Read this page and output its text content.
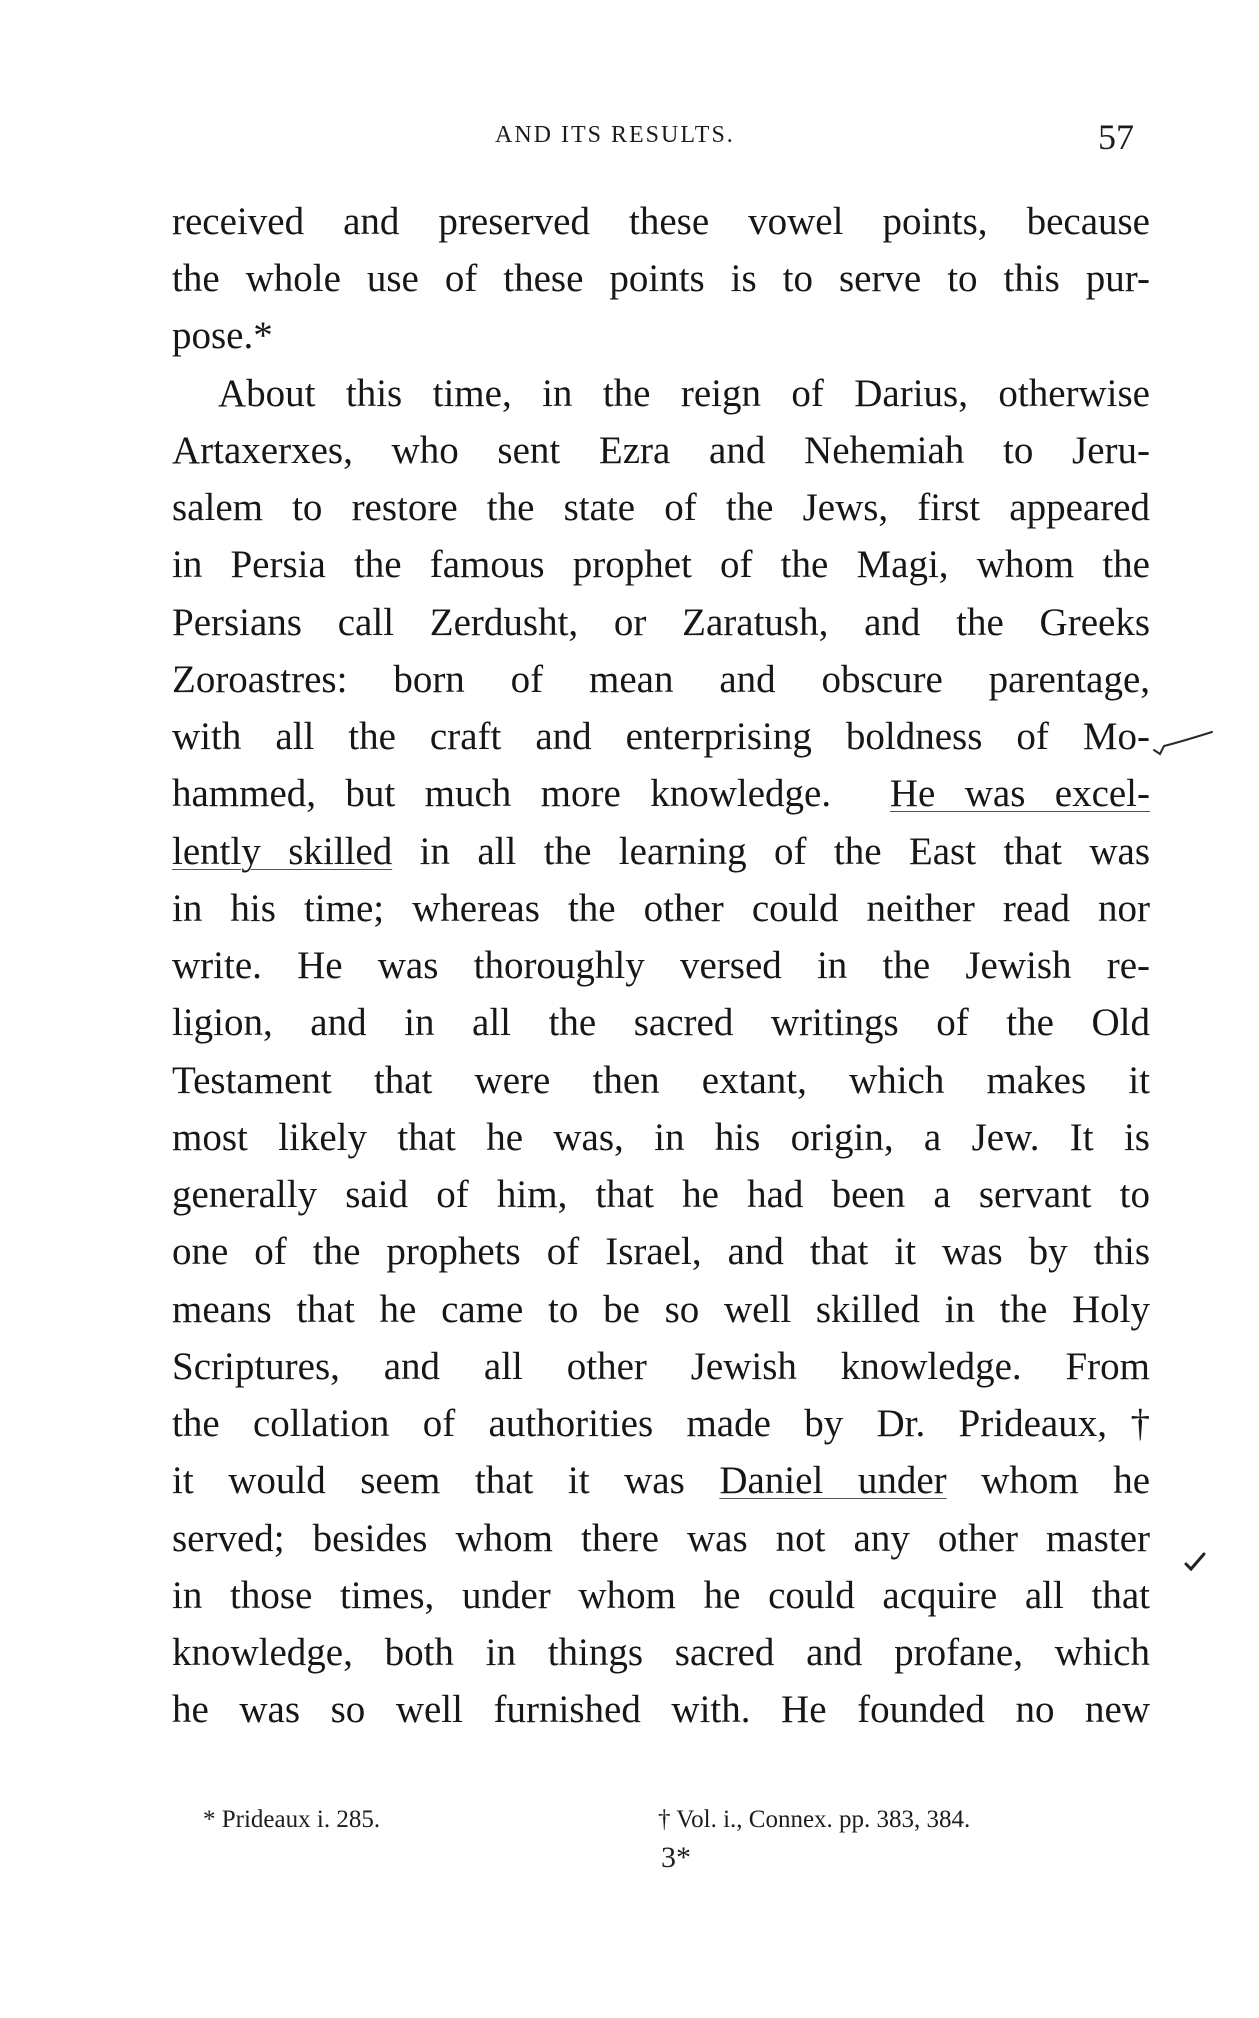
AND ITS RESULTS.	57
received and preserved these vowel points, because
the whole use of these points is to serve to this pur-
pose.*
About this time, in the reign of Darius, otherwise
Artaxerxes, who sent Ezra and Nehemiah to Jeru-
salem to restore the state of the Jews, first appeared
in Persia the famous prophet of the Magi, whom the
Persians call Zerdusht, or Zaratush, and the Greeks
Zoroastres: born of mean and obscure parentage,
with all the craft and enterprising boldness of Mo-
hammed, but much more knowledge. He was excel-
lently skilled in all the learning of the East that was
in his time; whereas the other could neither read nor
write. He was thoroughly versed in the Jewish re-
ligion, and in all the sacred writings of the Old
Testament that were then extant, which makes it
most likely that he was, in his origin, a Jew. It is
generally said of him, that he had been a servant to
one of the prophets of Israel, and that it was by this
means that he came to be so well skilled in the Holy
Scriptures, and all other Jewish knowledge. From
the collation of authorities made by Dr. Prideaux,†
it would seem that it was Daniel under whom he
served; besides whom there was not any other master
in those times, under whom he could acquire all that
knowledge, both in things sacred and profane, which
he was so well furnished with. He founded no new
* Prideaux i. 285.	† Vol. i., Connex. pp. 383, 384.
3*
